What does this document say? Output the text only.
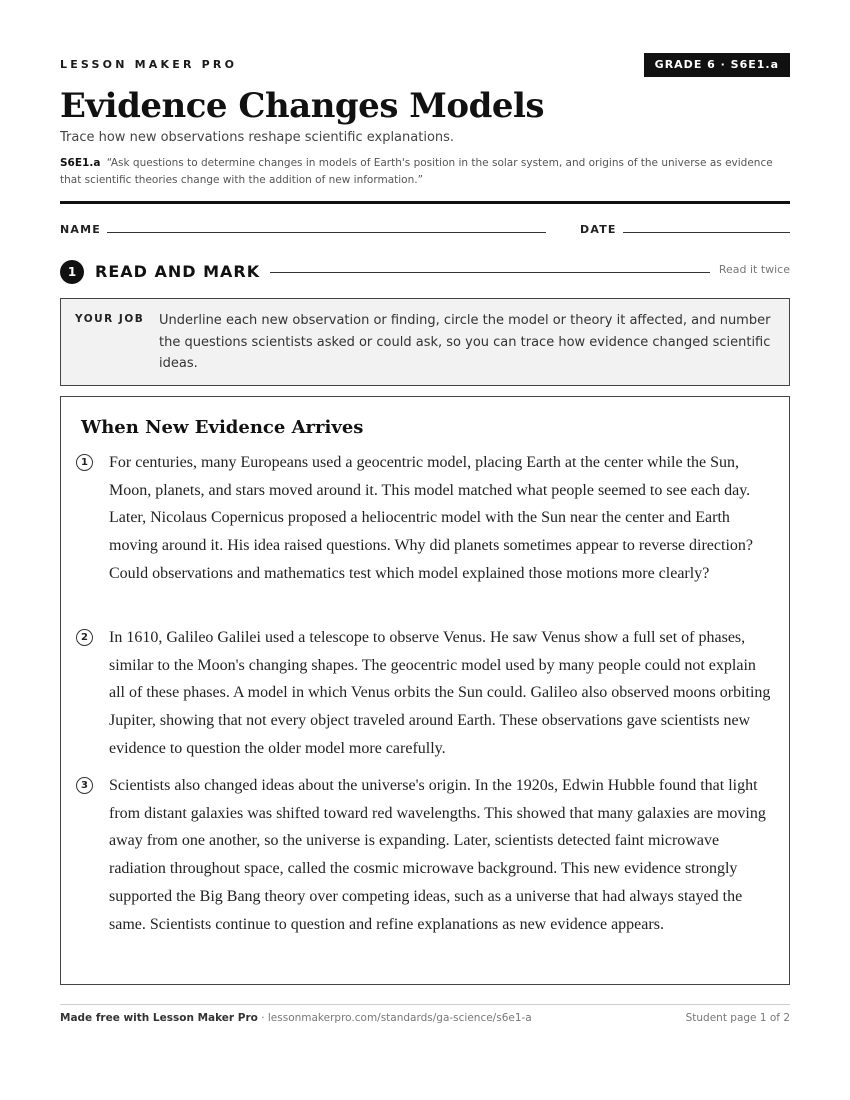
LESSON MAKER PRO	GRADE 6 · S6E1.a
Evidence Changes Models
Trace how new observations reshape scientific explanations.
S6E1.a “Ask questions to determine changes in models of Earth's position in the solar system, and origins of the universe as evidence that scientific theories change with the addition of new information.”
NAME	DATE
1	READ AND MARK	Read it twice
YOUR JOB Underline each new observation or finding, circle the model or theory it affected, and number the questions scientists asked or could ask, so you can trace how evidence changed scientific ideas.
When New Evidence Arrives
1	For centuries, many Europeans used a geocentric model, placing Earth at the center while the Sun, Moon, planets, and stars moved around it. This model matched what people seemed to see each day. Later, Nicolaus Copernicus proposed a heliocentric model with the Sun near the center and Earth moving around it. His idea raised questions. Why did planets sometimes appear to reverse direction? Could observations and mathematics test which model explained those motions more clearly?

2	In 1610, Galileo Galilei used a telescope to observe Venus. He saw Venus show a full set of phases, similar to the Moon's changing shapes. The geocentric model used by many people could not explain all of these phases. A model in which Venus orbits the Sun could. Galileo also observed moons orbiting Jupiter, showing that not every object traveled around Earth. These observations gave scientists new evidence to question the older model more carefully.

3	Scientists also changed ideas about the universe's origin. In the 1920s, Edwin Hubble found that light from distant galaxies was shifted toward red wavelengths. This showed that many galaxies are moving away from one another, so the universe is expanding. Later, scientists detected faint microwave radiation throughout space, called the cosmic microwave background. This new evidence strongly supported the Big Bang theory over competing ideas, such as a universe that had always stayed the same. Scientists continue to question and refine explanations as new evidence appears.

Made free with Lesson Maker Pro · lessonmakerpro.com/standards/ga-science/s6e1-a	Student page 1 of 2
